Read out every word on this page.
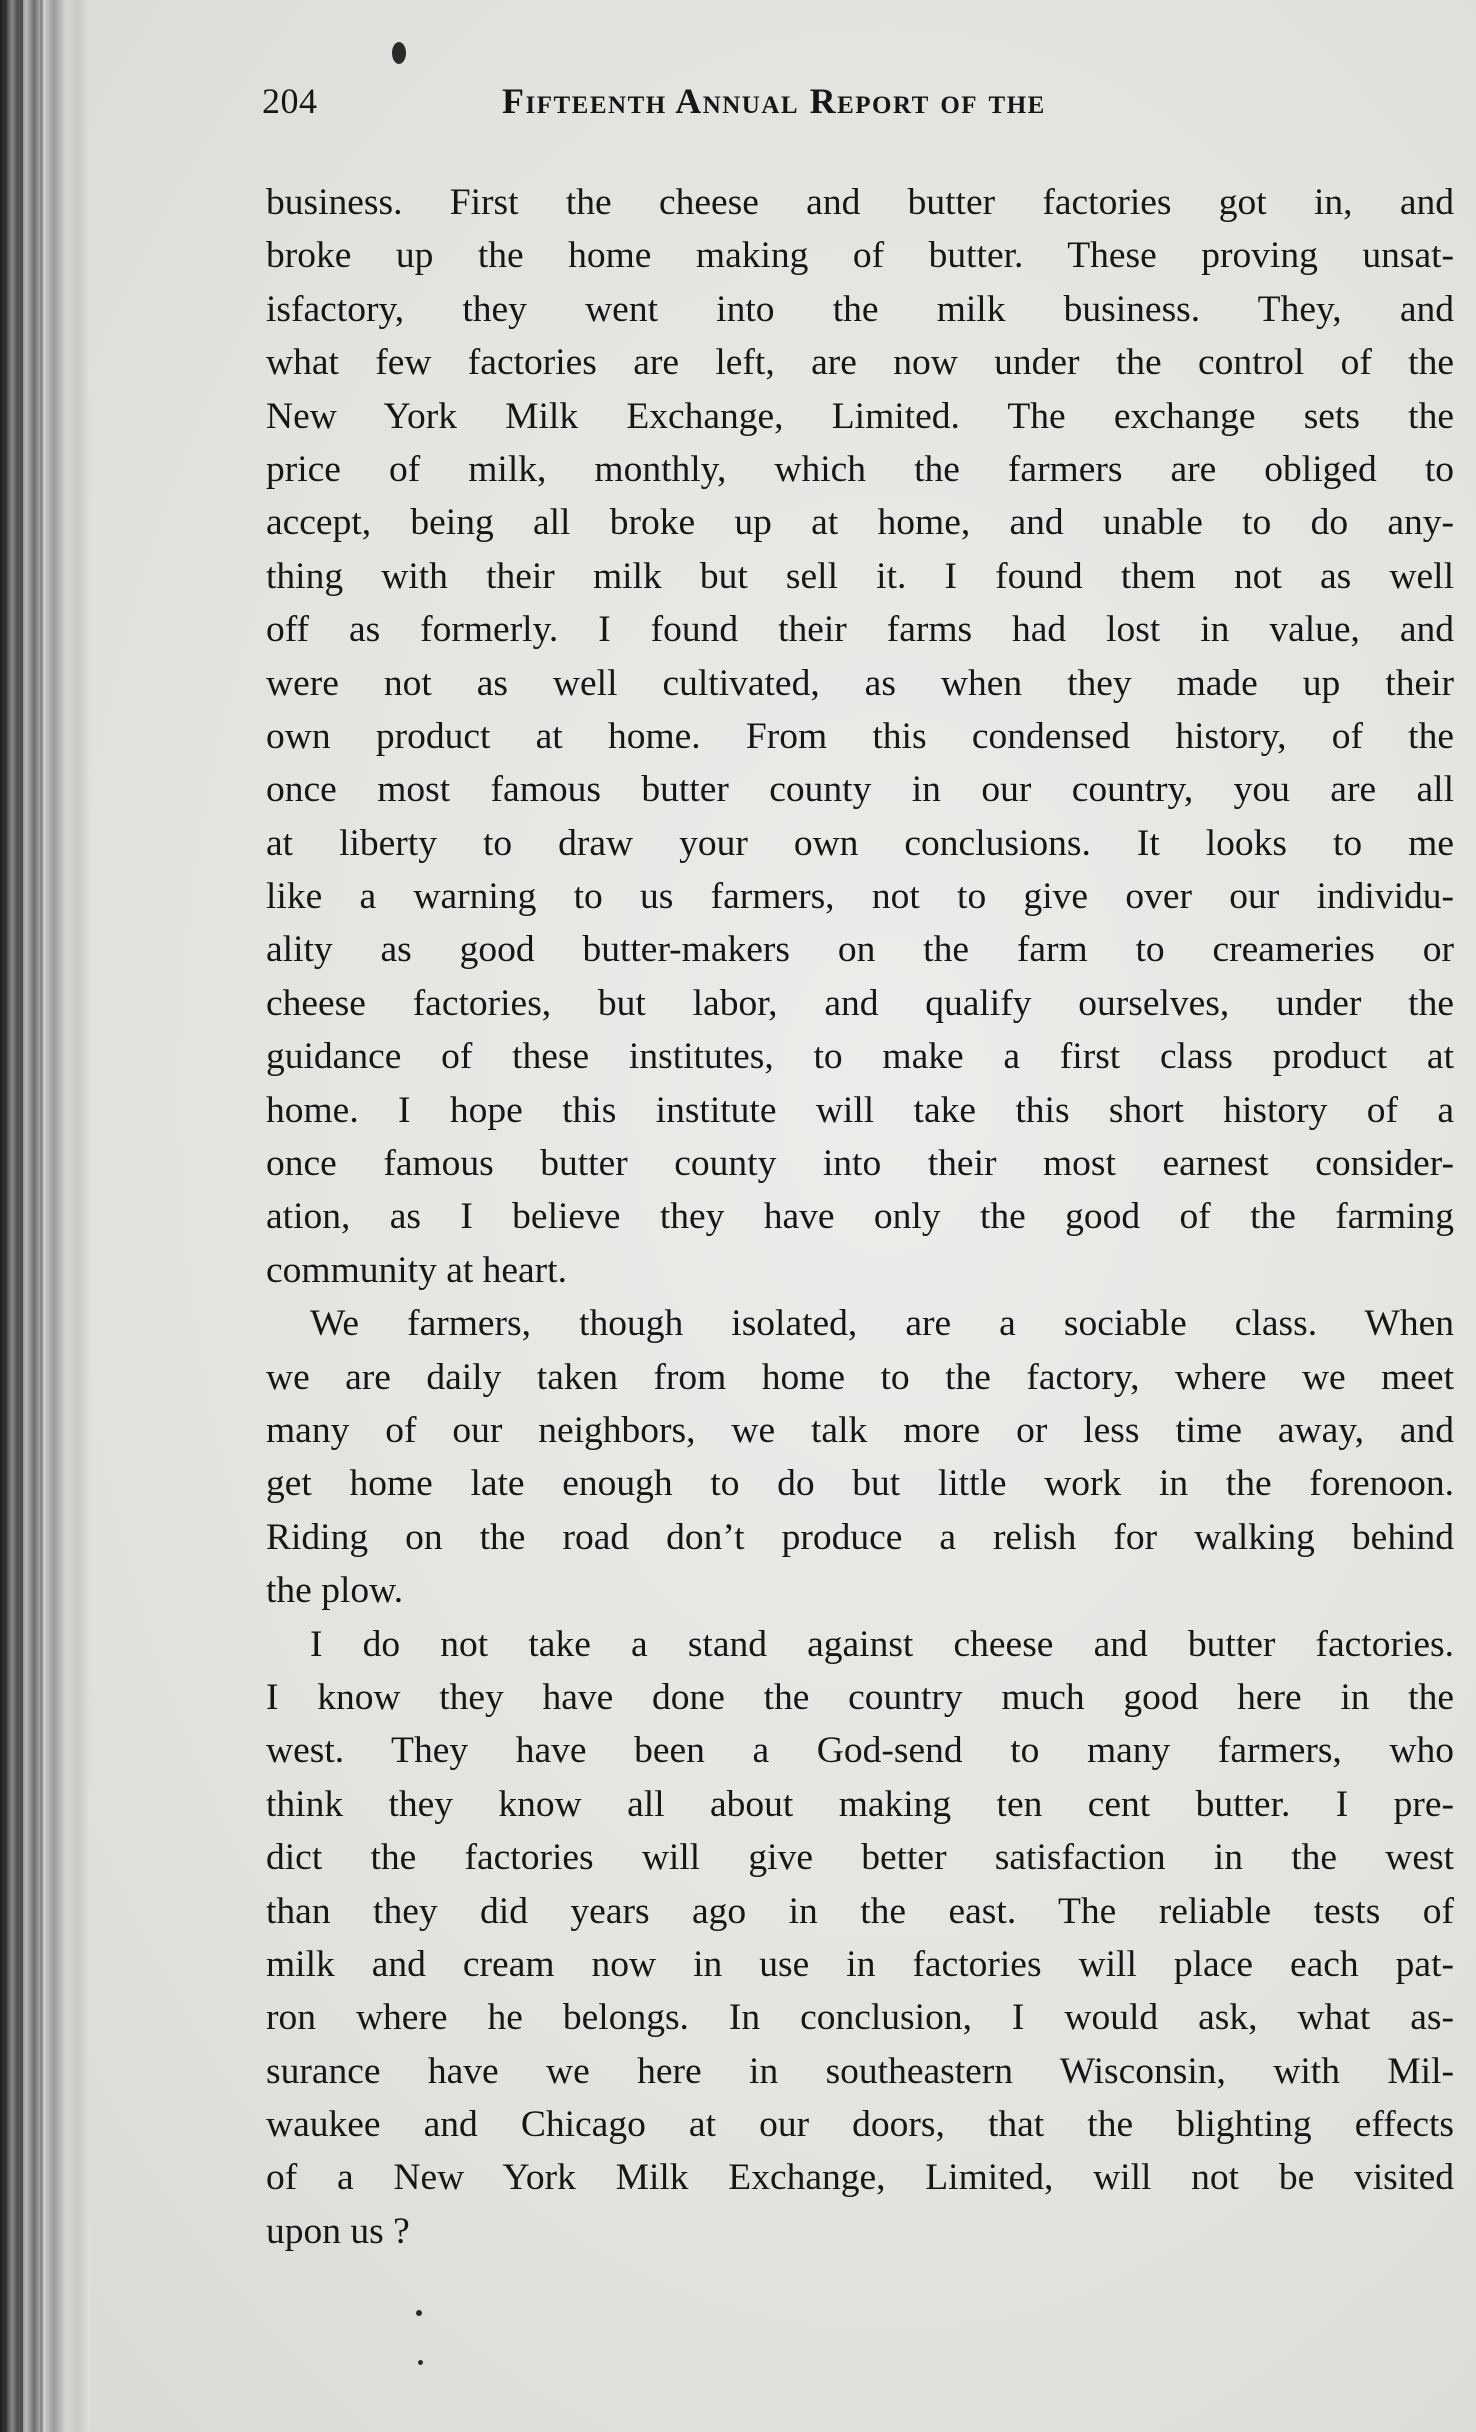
204	Fifteenth Annual Report of the
business. First the cheese and butter factories got in, and
broke up the home making of butter. These proving unsat-
isfactory, they went into the milk business. They, and
what few factories are left, are now under the control of the
New York Milk Exchange, Limited. The exchange sets the
price of milk, monthly, which the farmers are obliged to
accept, being all broke up at home, and unable to do any-
thing with their milk but sell it. I found them not as well
off as formerly. I found their farms had lost in value, and
were not as well cultivated, as when they made up their
own product at home. From this condensed history, of the
once most famous butter county in our country, you are all
at liberty to draw your own conclusions. It looks to me
like a warning to us farmers, not to give over our individu-
ality as good butter-makers on the farm to creameries or
cheese factories, but labor, and qualify ourselves, under the
guidance of these institutes, to make a first class product at
home. I hope this institute will take this short history of a
once famous butter county into their most earnest consider-
ation, as I believe they have only the good of the farming
community at heart.
We farmers, though isolated, are a sociable class. When
we are daily taken from home to the factory, where we meet
many of our neighbors, we talk more or less time away, and
get home late enough to do but little work in the forenoon.
Riding on the road don’t produce a relish for walking behind
the plow.
I do not take a stand against cheese and butter factories.
I know they have done the country much good here in the
west. They have been a God-send to many farmers, who
think they know all about making ten cent butter. I pre-
dict the factories will give better satisfaction in the west
than they did years ago in the east. The reliable tests of
milk and cream now in use in factories will place each pat-
ron where he belongs. In conclusion, I would ask, what as-
surance have we here in southeastern Wisconsin, with Mil-
waukee and Chicago at our doors, that the blighting effects
of a New York Milk Exchange, Limited, will not be visited
upon us ?
